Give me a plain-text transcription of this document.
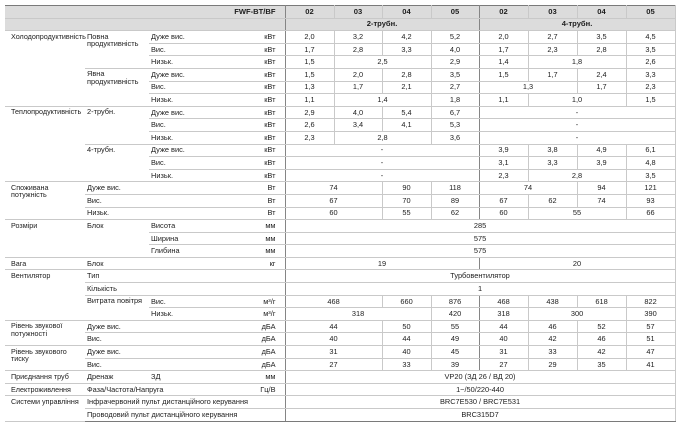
FWF-BT/BF				02	03	04	05	02	03	04	05
				2-трубн.				4-трубн.			
Холодопродуктивність	Повна продуктивність	Дуже вис.	кВт	2,0	3,2	4,2	5,2	2,0	2,7	3,5	4,5
		Вис.	кВт	1,7	2,8	3,3	4,0	1,7	2,3	2,8	3,5
		Низьк.	кВт	1,5	2,5		2,9	1,4	1,8		2,6
	Явна продуктивність	Дуже вис.	кВт	1,5	2,0	2,8	3,5	1,5	1,7	2,4	3,3
		Вис.	кВт	1,3	1,7	2,1	2,7	1,3		1,7	2,3
		Низьк.	кВт	1,1	1,4		1,8	1,1	1,0		1,5
Теплопродуктивність	2-трубн.	Дуже вис.	кВт	2,9	4,0	5,4	6,7	-			
		Вис.	кВт	2,6	3,4	4,1	5,3	-			
		Низьк.	кВт	2,3	2,8		3,6	-			
	4-трубн.	Дуже вис.	кВт	-				3,9	3,8	4,9	6,1
		Вис.	кВт	-				3,1	3,3	3,9	4,8
		Низьк.	кВт	-				2,3	2,8		3,5
Споживана потужність	Дуже вис.		Вт	74		90	118	74		94	121
	Вис.		Вт	67		70	89	67	62	74	93
	Низьк.		Вт	60		55	62	60	55		66
Розміри	Блок	Висота	мм	285							
		Ширина	мм	575							
		Глибина	мм	575							
Вага	Блок		кг	19				20			
Вентилятор	Тип			Турбовентилятор							
	Кількість			1							
	Витрата повітря	Вис.	м³/г	468		660	876	468	438	618	822
		Низьк.	м³/г	318			420	318	300		390
Рівень звукової потужності	Дуже вис.		дБА	44		50	55	44	46	52	57
	Вис.		дБА	40		44	49	40	42	46	51
Рівень звукового тиску	Дуже вис.		дБА	31		40	45	31	33	42	47
	Вис.		дБА	27		33	39	27	29	35	41
Приєднання труб	Дренаж	ЗД	мм	VP20 (ЗД 26 / ВД 20)							
Електроживлення	Фаза/Частота/Напруга		Гц/В	1~/50/220-440							
Системи управління	Інфрачервоний пульт дистанційного керування			BRC7E530 / BRC7E531							
	Проводовий пульт дистанційного керування			BRC315D7							
